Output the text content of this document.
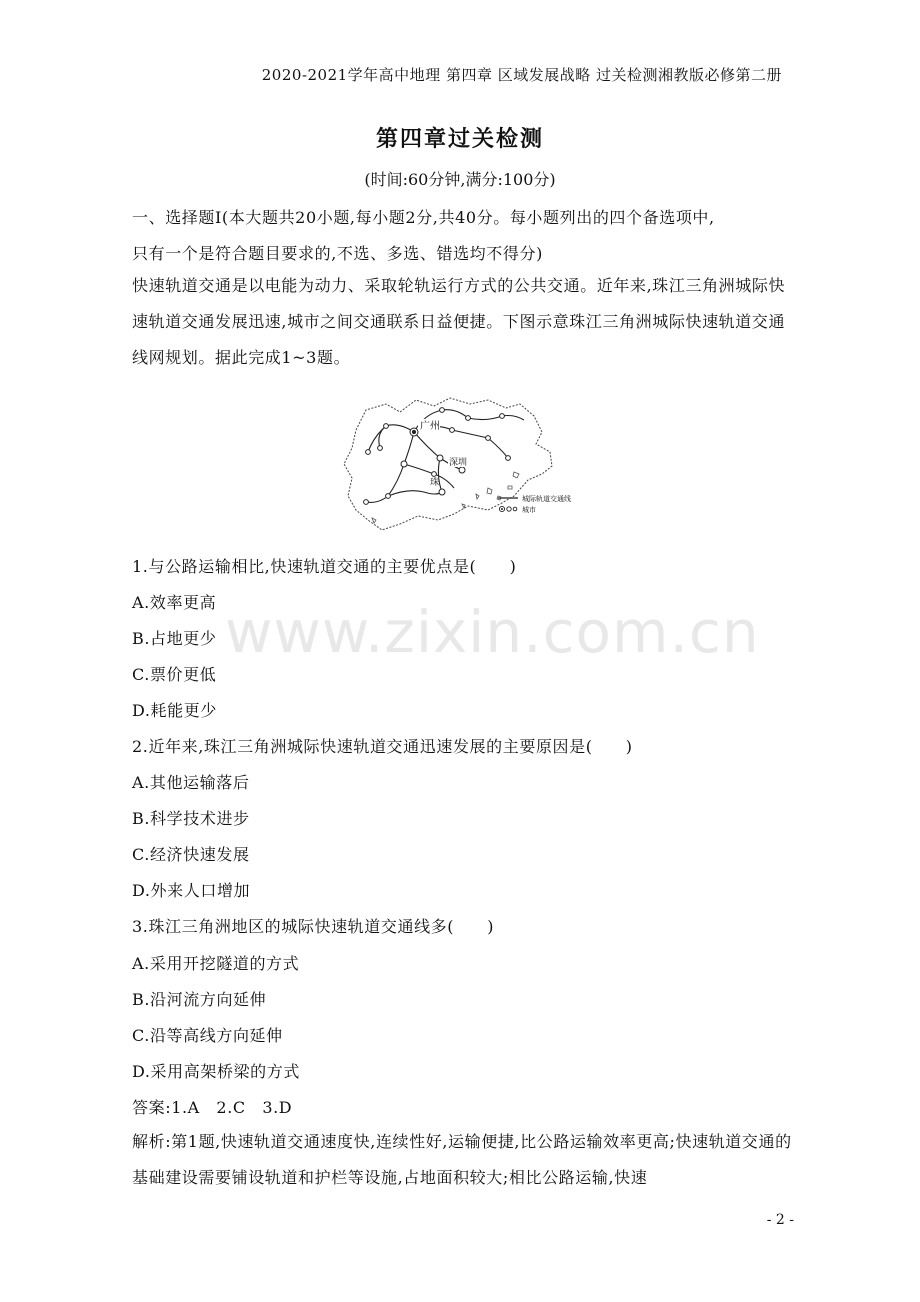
2020-2021学年高中地理 第四章 区域发展战略 过关检测湘教版必修第二册
第四章过关检测
(时间:60分钟,满分:100分)
一、选择题Ⅰ(本大题共20小题,每小题2分,共40分。每小题列出的四个备选项中,
只有一个是符合题目要求的,不选、多选、错选均不得分)
快速轨道交通是以电能为动力、采取轮轨运行方式的公共交通。近年来,珠江三角洲城际快速轨道交通发展迅速,城市之间交通联系日益便捷。下图示意珠江三角洲城际快速轨道交通线网规划。据此完成1~3题。
广州
深圳
珠
城际轨道交通线
城市
1.与公路运输相比,快速轨道交通的主要优点是(　　)
A.效率更高
B.占地更少
C.票价更低
D.耗能更少
2.近年来,珠江三角洲城际快速轨道交通迅速发展的主要原因是(　　)
A.其他运输落后
B.科学技术进步
C.经济快速发展
D.外来人口增加
3.珠江三角洲地区的城际快速轨道交通线多(　　)
A.采用开挖隧道的方式
B.沿河流方向延伸
C.沿等高线方向延伸
D.采用高架桥梁的方式
答案:1.A　2.C　3.D
解析:第1题,快速轨道交通速度快,连续性好,运输便捷,比公路运输效率更高;快速轨道交通的基础建设需要铺设轨道和护栏等设施,占地面积较大;相比公路运输,快速
www.zixin.com.cn
- 2 -
